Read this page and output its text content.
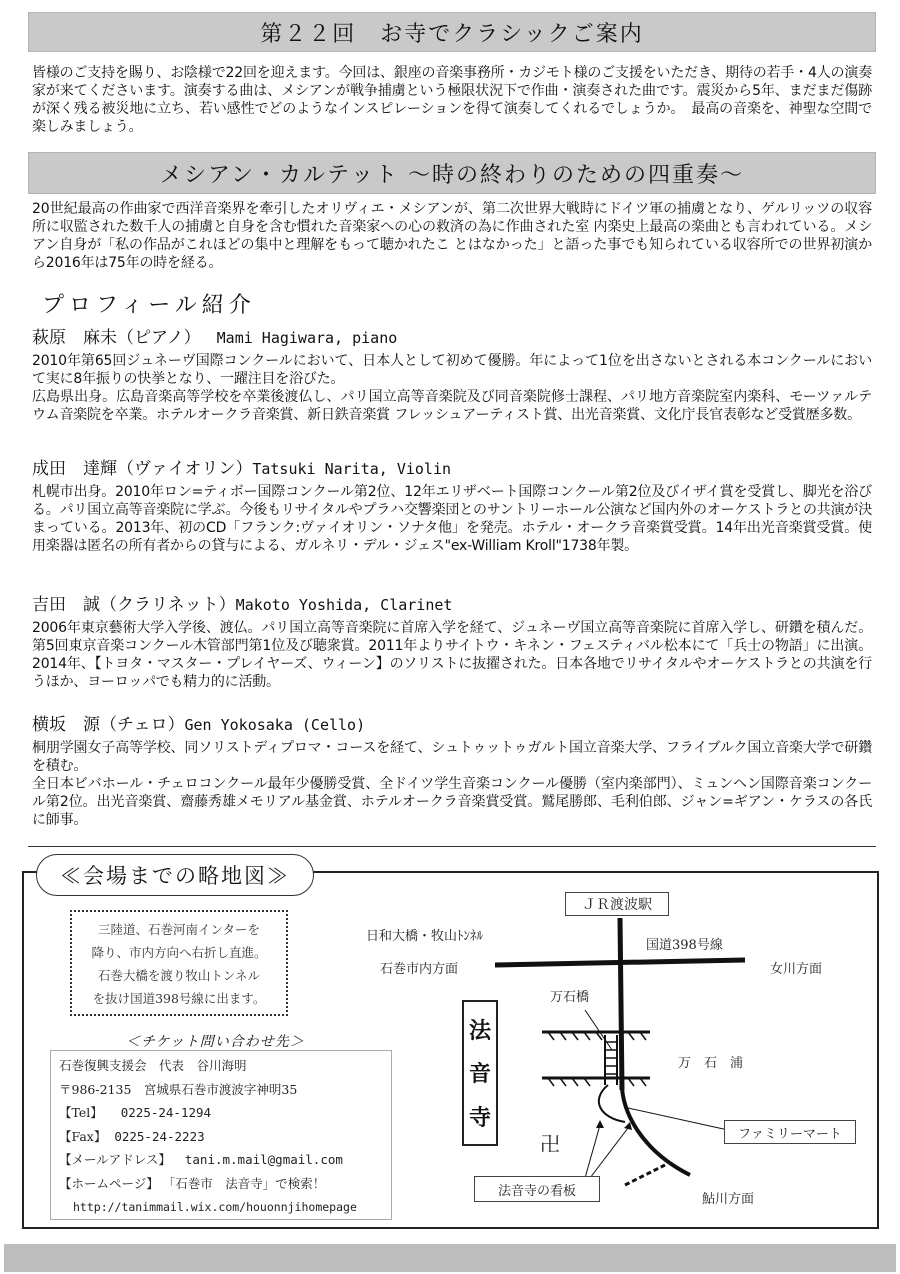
第２２回　お寺でクラシックご案内
皆様のご支持を賜り、お陰様で22回を迎えます。今回は、銀座の音楽事務所・カジモト様のご支援をいただき、期待の若手・4人の演奏家が来てくださいます。演奏する曲は、メシアンが戦争捕虜という極限状況下で作曲・演奏された曲です。震災から5年、まだまだ傷跡が深く残る被災地に立ち、若い感性でどのようなインスピレーションを得て演奏してくれるでしょうか。　最高の音楽を、神聖な空間で楽しみましょう。
メシアン・カルテット ～時の終わりのための四重奏～
20世紀最高の作曲家で西洋音楽界を牽引したオリヴィエ・メシアンが、第二次世界大戦時にドイツ軍の捕虜となり、ゲルリッツの収容所に収監された数千人の捕虜と自身を含む慣れた音楽家への心の救済の為に作曲された室 内楽史上最高の楽曲とも言われている。メシアン自身が「私の作品がこれほどの集中と理解をもって聴かれたこ とはなかった」と語った事でも知られている収容所での世界初演から2016年は75年の時を経る。
プロフィール紹介
萩原　麻未（ピアノ） Mami Hagiwara, piano
2010年第65回ジュネーヴ国際コンクールにおいて、日本人として初めて優勝。年によって1位を出さないとされる本コンクールにおいて実に8年振りの快挙となり、一躍注目を浴びた。
広島県出身。広島音楽高等学校を卒業後渡仏し、パリ国立高等音楽院及び同音楽院修士課程、パリ地方音楽院室内楽科、モーツァルテウム音楽院を卒業。ホテルオークラ音楽賞、新日鉄音楽賞 フレッシュアーティスト賞、出光音楽賞、文化庁長官表彰など受賞歴多数。
成田　達輝（ヴァイオリン）Tatsuki Narita, Violin
札幌市出身。2010年ロン=ティボー国際コンクール第2位、12年エリザベート国際コンクール第2位及びイザイ賞を受賞し、脚光を浴びる。パリ国立高等音楽院に学ぶ。今後もリサイタルやプラハ交響楽団とのサントリーホール公演など国内外のオーケストラとの共演が決まっている。2013年、初のCD「フランク:ヴァイオリン・ソナタ他」を発売。ホテル・オークラ音楽賞受賞。14年出光音楽賞受賞。使用楽器は匿名の所有者からの貸与による、ガルネリ・デル・ジェス"ex-William Kroll"1738年製。
吉田　誠（クラリネット）Makoto Yoshida, Clarinet
2006年東京藝術大学入学後、渡仏。パリ国立高等音楽院に首席入学を経て、ジュネーヴ国立高等音楽院に首席入学し、研鑽を積んだ。第5回東京音楽コンクール木管部門第1位及び聴衆賞。2011年よりサイトウ・キネン・フェスティバル松本にて「兵士の物語」に出演。2014年、【トヨタ・マスター・プレイヤーズ、ウィーン】のソリストに抜擢された。日本各地でリサイタルやオーケストラとの共演を行うほか、ヨーロッパでも精力的に活動。
横坂　源（チェロ）Gen Yokosaka (Cello)
桐朋学園女子高等学校、同ソリストディプロマ・コースを経て、シュトゥットゥガルト国立音楽大学、フライブルク国立音楽大学で研鑽を積む。
全日本ビバホール・チェロコンクール最年少優勝受賞、全ドイツ学生音楽コンクール優勝（室内楽部門）、ミュンヘン国際音楽コンクール第2位。出光音楽賞、齋藤秀雄メモリアル基金賞、ホテルオークラ音楽賞受賞。鷲尾勝郎、毛利伯郎、ジャン=ギアン・ケラスの各氏に師事。
≪会場までの略地図≫
三陸道、石巻河南インターを
降り、市内方向へ右折し直進。
石巻大橋を渡り牧山トンネル
を抜け国道398号線に出ます。
＜チケット問い合わせ先＞
石巻復興支援会　代表　谷川海明
〒986-2135　宮城県石巻市渡波字神明35
【Tel】 0225-24-1294
【Fax】 0225-24-2223
【メールアドレス】 tani.m.mail@gmail.com
【ホームページ】 「石巻市　法音寺」で検索！
http://tanimmail.wix.com/houonnjihomepage
ＪＲ渡波駅
日和大橋・牧山ﾄﾝﾈﾙ
国道398号線
石巻市内方面	女川方面
万石橋
万　石　浦
ファミリーマート
法音寺の看板
鮎川方面
卍
法
音
寺
